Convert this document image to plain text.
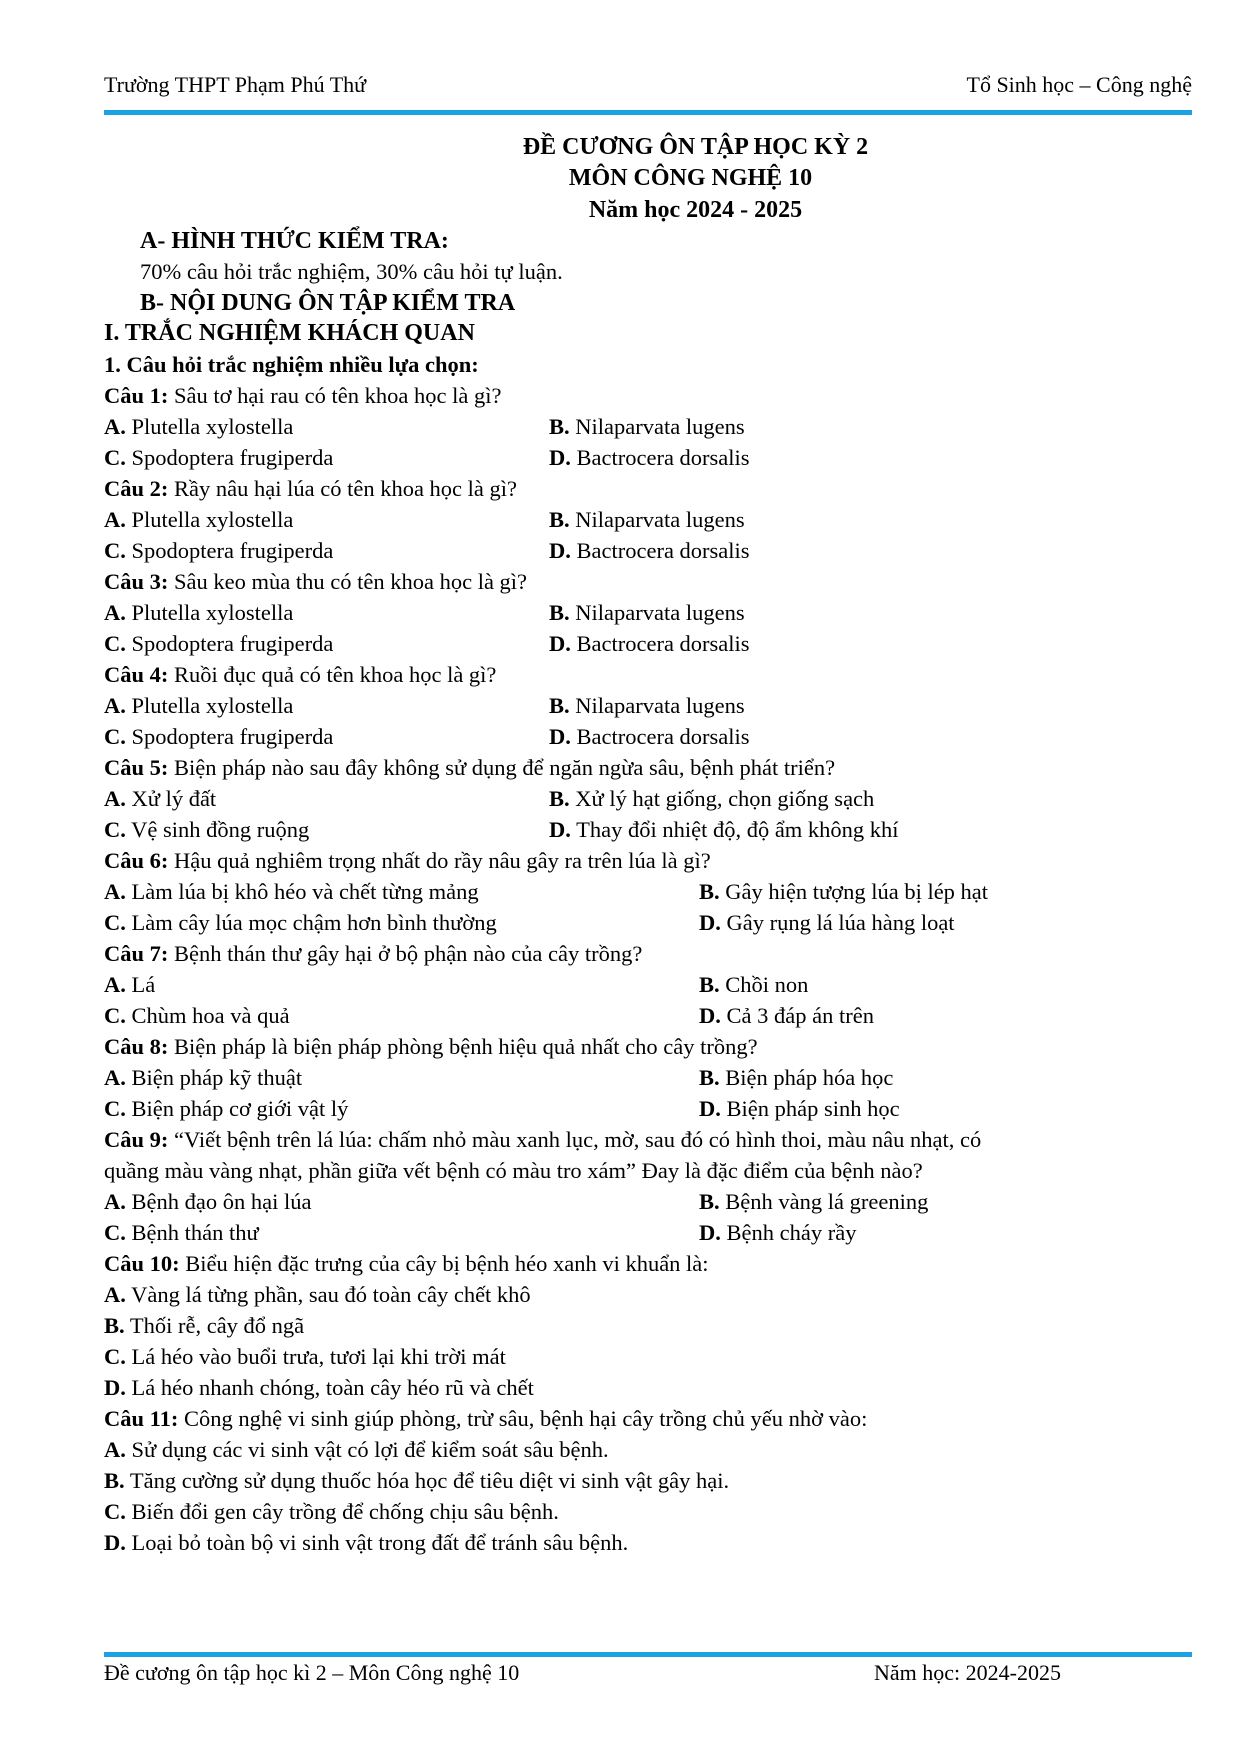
Trường THPT Phạm Phú Thứ	Tổ Sinh học – Công nghệ
ĐỀ CƯƠNG ÔN TẬP HỌC KỲ 2
MÔN CÔNG NGHỆ 10
Năm học 2024 - 2025
A- HÌNH THỨC KIỂM TRA:
70% câu hỏi trắc nghiệm, 30% câu hỏi tự luận.
B- NỘI DUNG ÔN TẬP KIỂM TRA
I. TRẮC NGHIỆM KHÁCH QUAN
1. Câu hỏi trắc nghiệm nhiều lựa chọn:
Câu 1: Sâu tơ hại rau có tên khoa học là gì?
A. Plutella xylostella	B. Nilaparvata lugens
C. Spodoptera frugiperda	D. Bactrocera dorsalis
Câu 2: Rầy nâu hại lúa có tên khoa học là gì?
A. Plutella xylostella	B. Nilaparvata lugens
C. Spodoptera frugiperda	D. Bactrocera dorsalis
Câu 3: Sâu keo mùa thu có tên khoa học là gì?
A. Plutella xylostella	B. Nilaparvata lugens
C. Spodoptera frugiperda	D. Bactrocera dorsalis
Câu 4: Ruồi đục quả có tên khoa học là gì?
A. Plutella xylostella	B. Nilaparvata lugens
C. Spodoptera frugiperda	D. Bactrocera dorsalis
Câu 5: Biện pháp nào sau đây không sử dụng để ngăn ngừa sâu, bệnh phát triển?
A. Xử lý đất	B. Xử lý hạt giống, chọn giống sạch
C. Vệ sinh đồng ruộng	D. Thay đổi nhiệt độ, độ ẩm không khí
Câu 6: Hậu quả nghiêm trọng nhất do rầy nâu gây ra trên lúa là gì?
A. Làm lúa bị khô héo và chết từng mảng	B. Gây hiện tượng lúa bị lép hạt
C. Làm cây lúa mọc chậm hơn bình thường	D. Gây rụng lá lúa hàng loạt
Câu 7: Bệnh thán thư gây hại ở bộ phận nào của cây trồng?
A. Lá	B. Chồi non
C. Chùm hoa và quả	D. Cả 3 đáp án trên
Câu 8: Biện pháp là biện pháp phòng bệnh hiệu quả nhất cho cây trồng?
A. Biện pháp kỹ thuật	B. Biện pháp hóa học
C. Biện pháp cơ giới vật lý	D. Biện pháp sinh học
Câu 9: “Viết bệnh trên lá lúa: chấm nhỏ màu xanh lục, mờ, sau đó có hình thoi, màu nâu nhạt, có
quầng màu vàng nhạt, phần giữa vết bệnh có màu tro xám” Đay là đặc điểm của bệnh nào?
A. Bệnh đạo ôn hại lúa	B. Bệnh vàng lá greening
C. Bệnh thán thư	D. Bệnh cháy rầy
Câu 10: Biểu hiện đặc trưng của cây bị bệnh héo xanh vi khuẩn là:
A. Vàng lá từng phần, sau đó toàn cây chết khô
B. Thối rễ, cây đổ ngã
C. Lá héo vào buổi trưa, tươi lại khi trời mát
D. Lá héo nhanh chóng, toàn cây héo rũ và chết
Câu 11: Công nghệ vi sinh giúp phòng, trừ sâu, bệnh hại cây trồng chủ yếu nhờ vào:
A. Sử dụng các vi sinh vật có lợi để kiểm soát sâu bệnh.
B. Tăng cường sử dụng thuốc hóa học để tiêu diệt vi sinh vật gây hại.
C. Biến đổi gen cây trồng để chống chịu sâu bệnh.
D. Loại bỏ toàn bộ vi sinh vật trong đất để tránh sâu bệnh.
Đề cương ôn tập học kì 2 – Môn Công nghệ 10	Năm học: 2024-2025
